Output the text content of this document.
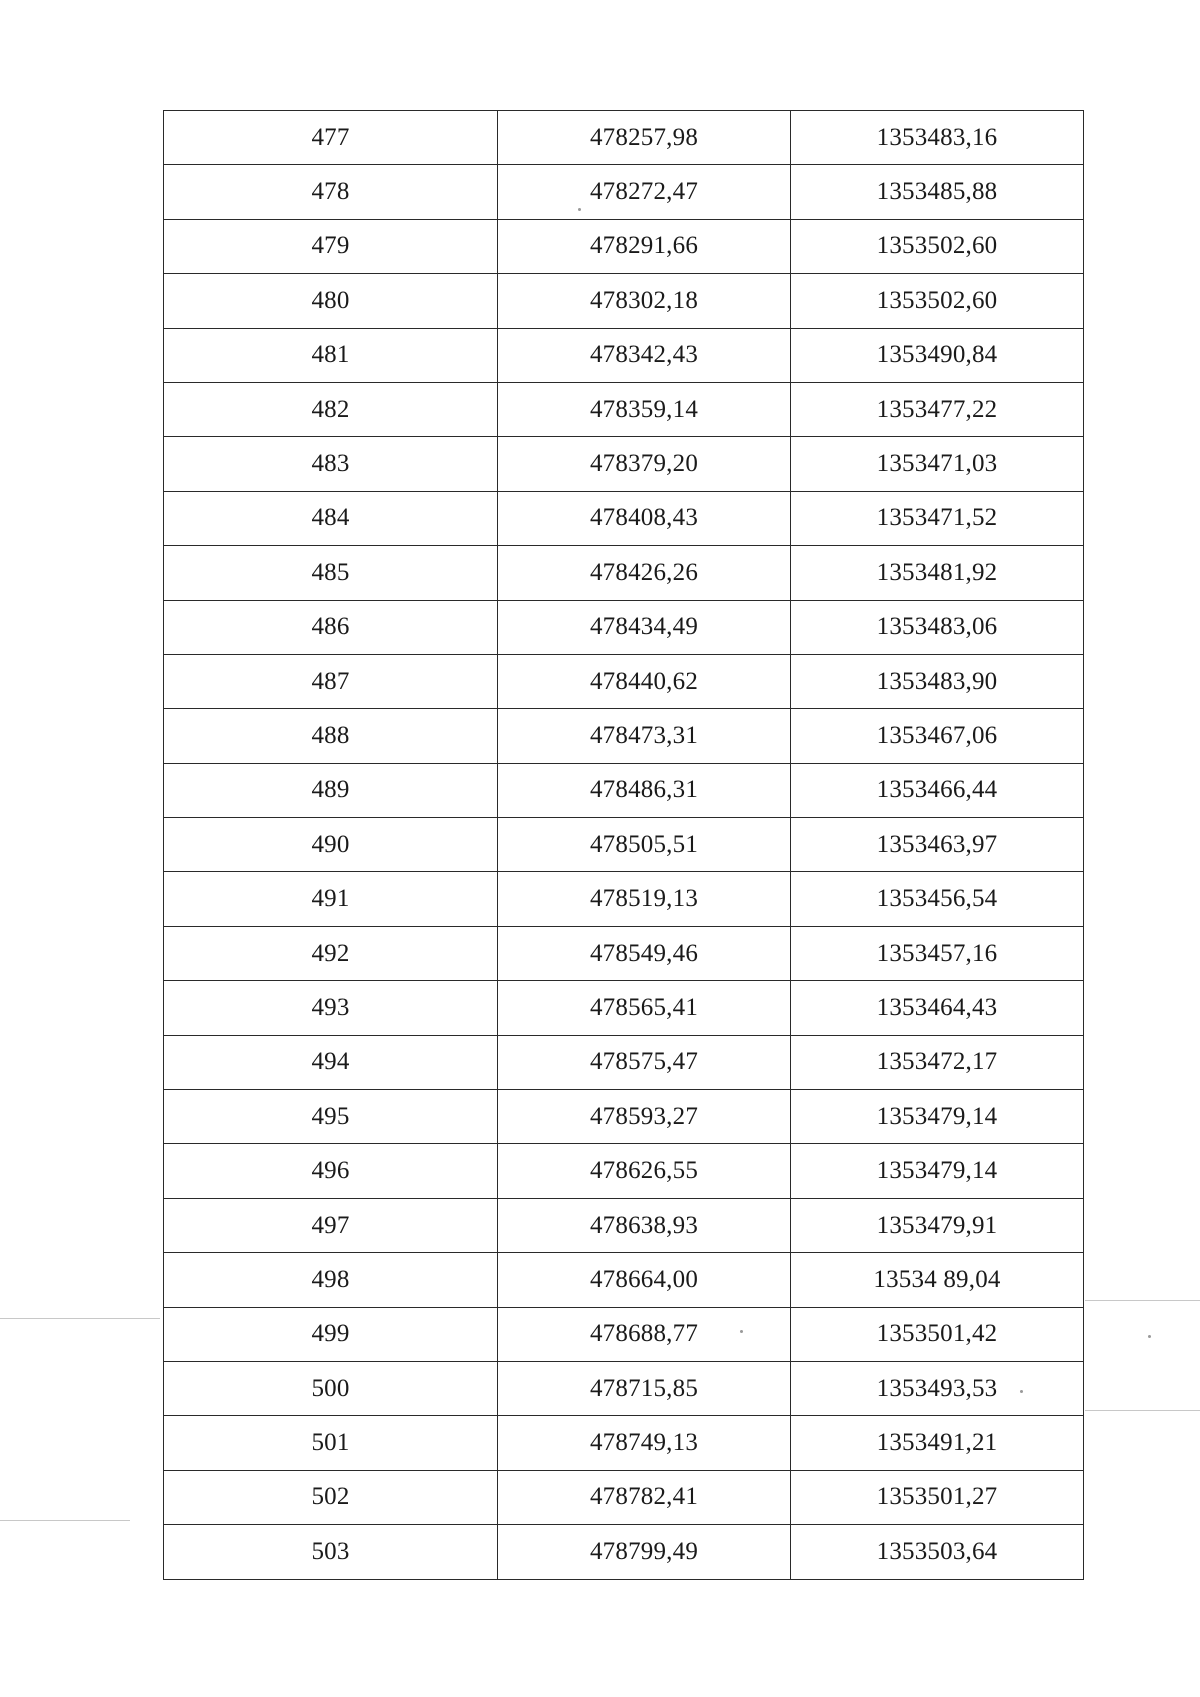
477	478257,98	1353483,16
478	478272,47	1353485,88
479	478291,66	1353502,60
480	478302,18	1353502,60
481	478342,43	1353490,84
482	478359,14	1353477,22
483	478379,20	1353471,03
484	478408,43	1353471,52
485	478426,26	1353481,92
486	478434,49	1353483,06
487	478440,62	1353483,90
488	478473,31	1353467,06
489	478486,31	1353466,44
490	478505,51	1353463,97
491	478519,13	1353456,54
492	478549,46	1353457,16
493	478565,41	1353464,43
494	478575,47	1353472,17
495	478593,27	1353479,14
496	478626,55	1353479,14
497	478638,93	1353479,91
498	478664,00	13534 89,04
499	478688,77	1353501,42
500	478715,85	1353493,53
501	478749,13	1353491,21
502	478782,41	1353501,27
503	478799,49	1353503,64
